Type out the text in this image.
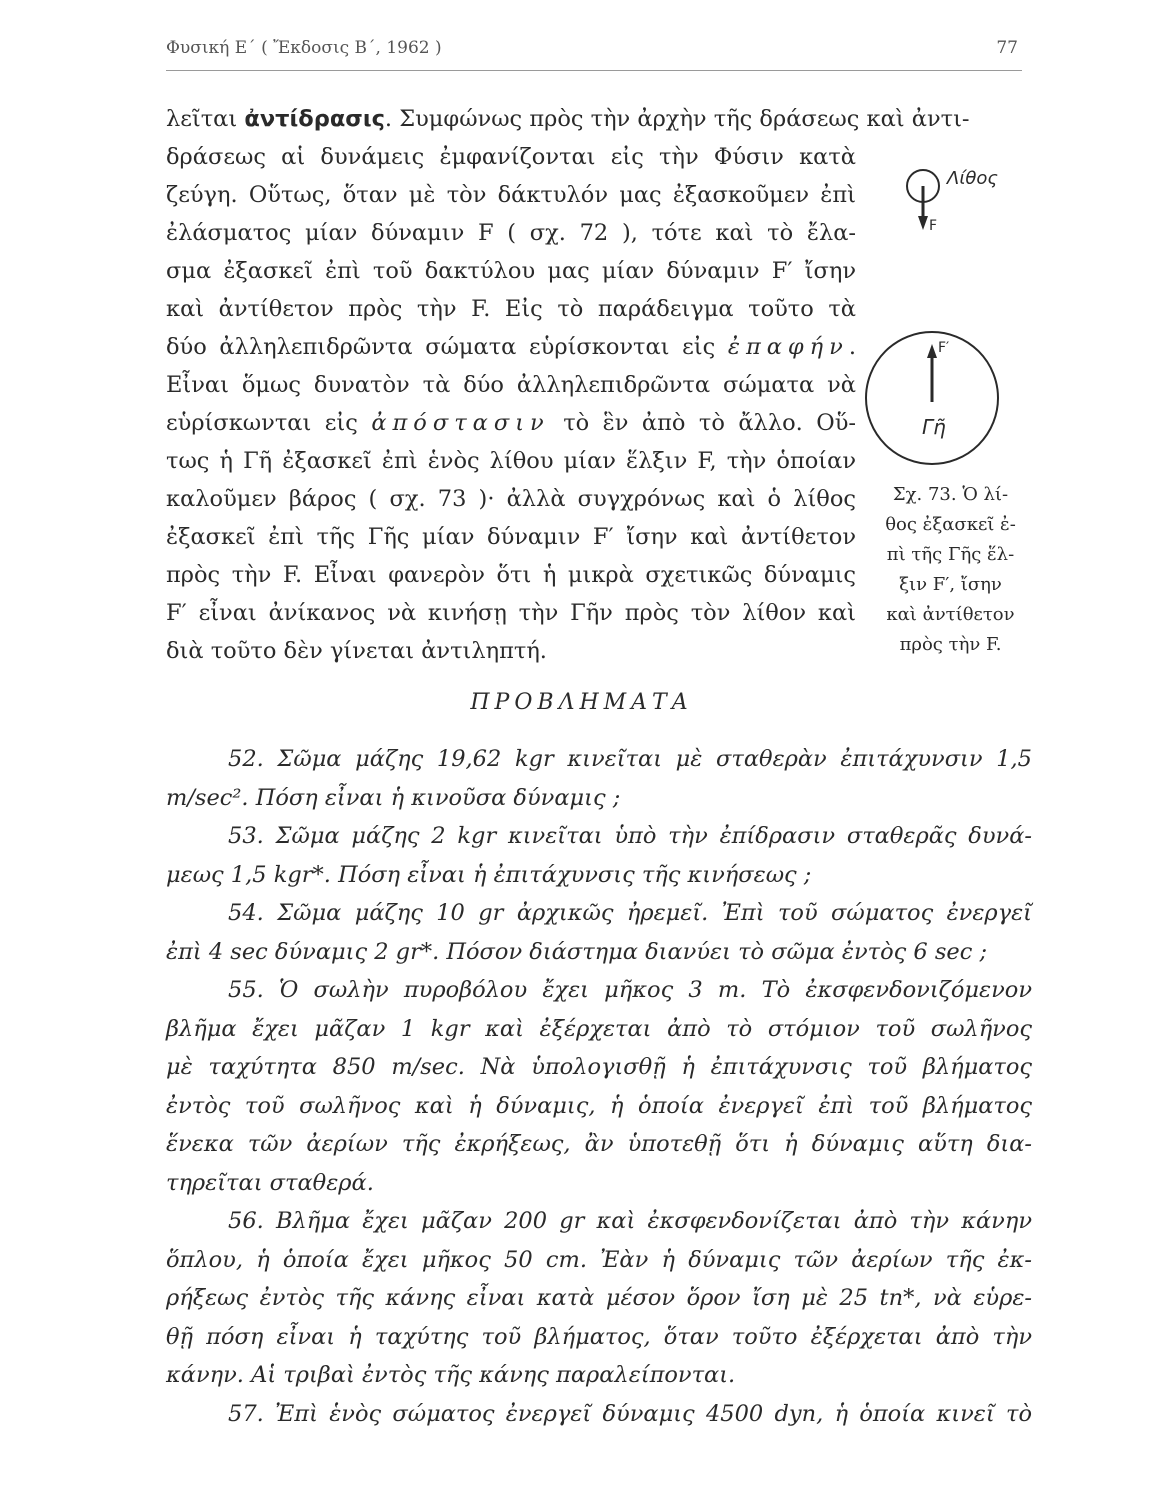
Φυσική Ε΄ ( Ἔκδοσις Β΄, 1962 )	77
λεῖται ἀντίδρασις. Συμφώνως πρὸς τὴν ἀρχὴν τῆς δράσεως καὶ ἀντι-
δράσεως αἱ δυνάμεις ἐμφανίζονται εἰς τὴν Φύσιν κατὰ
ζεύγη. Οὕτως, ὅταν μὲ τὸν δάκτυλόν μας ἐξασκοῦμεν ἐπὶ
ἐλάσματος μίαν δύναμιν F ( σχ. 72 ), τότε καὶ τὸ ἔλα-
σμα ἐξασκεῖ ἐπὶ τοῦ δακτύλου μας μίαν δύναμιν F′ ἴσην
καὶ ἀντίθετον πρὸς τὴν F. Εἰς τὸ παράδειγμα τοῦτο τὰ
δύο ἀλληλεπιδρῶντα σώματα εὑρίσκονται εἰς ἐπαφήν.
Εἶναι ὅμως δυνατὸν τὰ δύο ἀλληλεπιδρῶντα σώματα νὰ
εὑρίσκωνται εἰς ἀπόστασιν τὸ ἓν ἀπὸ τὸ ἄλλο. Οὕ-
τως ἡ Γῆ ἐξασκεῖ ἐπὶ ἑνὸς λίθου μίαν ἕλξιν F, τὴν ὁποίαν
καλοῦμεν βάρος ( σχ. 73 )· ἀλλὰ συγχρόνως καὶ ὁ λίθος
ἐξασκεῖ ἐπὶ τῆς Γῆς μίαν δύναμιν F′ ἴσην καὶ ἀντίθετον
πρὸς τὴν F. Εἶναι φανερὸν ὅτι ἡ μικρὰ σχετικῶς δύναμις
F′ εἶναι ἀνίκανος νὰ κινήσῃ τὴν Γῆν πρὸς τὸν λίθον καὶ
διὰ τοῦτο δὲν γίνεται ἀντιληπτή.
Λίθος
F
F′
Γῆ
Σχ. 73. Ὁ λί-
θος ἐξασκεῖ ἐ-
πὶ τῆς Γῆς ἕλ-
ξιν F′, ἴσην
καὶ ἀντίθετον
πρὸς τὴν F.
ΠΡΟΒΛΗΜΑΤΑ
52. Σῶμα μάζης 19,62 kgr κινεῖται μὲ σταθερὰν ἐπιτάχυνσιν 1,5
m/sec². Πόση εἶναι ἡ κινοῦσα δύναμις ;
53. Σῶμα μάζης 2 kgr κινεῖται ὑπὸ τὴν ἐπίδρασιν σταθερᾶς δυνά-
μεως 1,5 kgr*. Πόση εἶναι ἡ ἐπιτάχυνσις τῆς κινήσεως ;
54. Σῶμα μάζης 10 gr ἀρχικῶς ἠρεμεῖ. Ἐπὶ τοῦ σώματος ἐνεργεῖ
ἐπὶ 4 sec δύναμις 2 gr*. Πόσον διάστημα διανύει τὸ σῶμα ἐντὸς 6 sec ;
55. Ὁ σωλὴν πυροβόλου ἔχει μῆκος 3 m. Τὸ ἐκσφενδονιζόμενον
βλῆμα ἔχει μᾶζαν 1 kgr καὶ ἐξέρχεται ἀπὸ τὸ στόμιον τοῦ σωλῆνος
μὲ ταχύτητα 850 m/sec. Νὰ ὑπολογισθῇ ἡ ἐπιτάχυνσις τοῦ βλήματος
ἐντὸς τοῦ σωλῆνος καὶ ἡ δύναμις, ἡ ὁποία ἐνεργεῖ ἐπὶ τοῦ βλήματος
ἕνεκα τῶν ἀερίων τῆς ἐκρήξεως, ἂν ὑποτεθῇ ὅτι ἡ δύναμις αὕτη δια-
τηρεῖται σταθερά.
56. Βλῆμα ἔχει μᾶζαν 200 gr καὶ ἐκσφενδονίζεται ἀπὸ τὴν κάνην
ὅπλου, ἡ ὁποία ἔχει μῆκος 50 cm. Ἐὰν ἡ δύναμις τῶν ἀερίων τῆς ἐκ-
ρήξεως ἐντὸς τῆς κάνης εἶναι κατὰ μέσον ὅρον ἴση μὲ 25 tn*, νὰ εὑρε-
θῇ πόση εἶναι ἡ ταχύτης τοῦ βλήματος, ὅταν τοῦτο ἐξέρχεται ἀπὸ τὴν
κάνην. Αἱ τριβαὶ ἐντὸς τῆς κάνης παραλείπονται.
57. Ἐπὶ ἑνὸς σώματος ἐνεργεῖ δύναμις 4500 dyn, ἡ ὁποία κινεῖ τὸ
